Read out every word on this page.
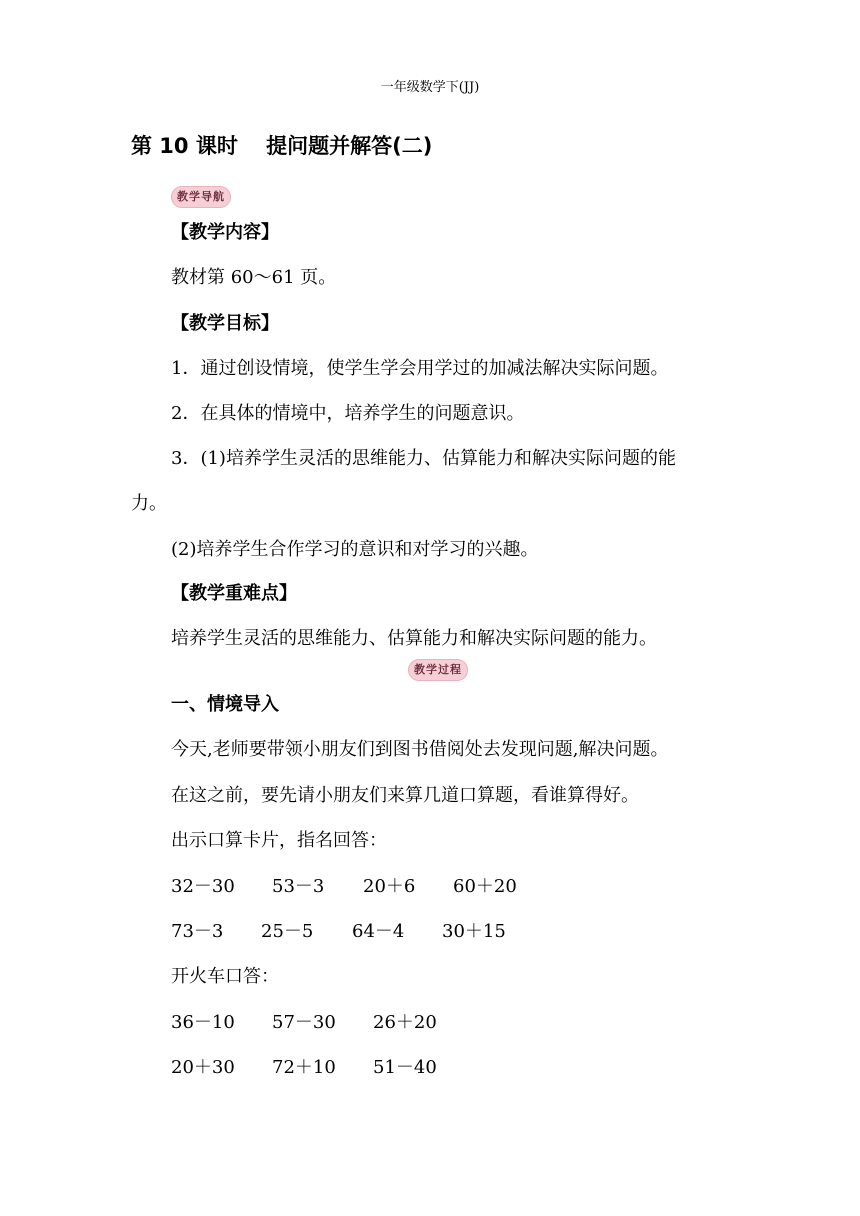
一年级数学下(JJ)
第 10 课时　 提问题并解答(二)
教学导航
【教学内容】
教材第 60～61 页。
【教学目标】
1．通过创设情境，使学生学会用学过的加减法解决实际问题。
2．在具体的情境中，培养学生的问题意识。
3．(1)培养学生灵活的思维能力、估算能力和解决实际问题的能
力。
(2)培养学生合作学习的意识和对学习的兴趣。
【教学重难点】
培养学生灵活的思维能力、估算能力和解决实际问题的能力。
教学过程
一、情境导入
今天,老师要带领小朋友们到图书借阅处去发现问题,解决问题。
在这之前，要先请小朋友们来算几道口算题，看谁算得好。
出示口算卡片，指名回答：
32－30 53－3 20＋6 60＋20
73－3 25－5 64－4 30＋15
开火车口答：
36－10 57－30 26＋20
20＋30 72＋10 51－40
